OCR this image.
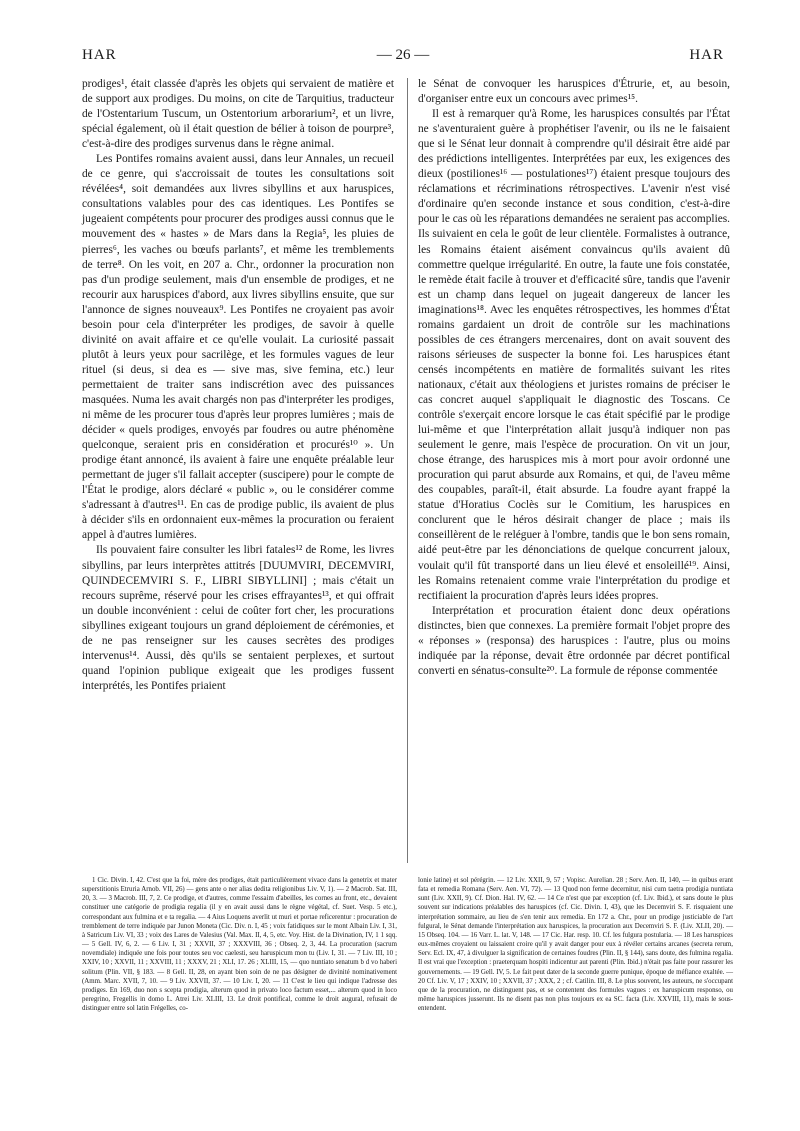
HAR	— 26 —	HAR

prodiges¹, était classée d'après les objets qui servaient de matière et de support aux prodiges. Du moins, on cite de Tarquitius, traducteur de l'Ostentarium Tuscum, un Ostentorium arborarium², et un livre, spécial également, où il était question de bélier à toison de pourpre³, c'est-à-dire des prodiges survenus dans le règne animal.

Les Pontifes romains avaient aussi, dans leur Annales, un recueil de ce genre, qui s'accroissait de toutes les consultations soit révélées⁴, soit demandées aux livres sibyllins et aux haruspices, consultations valables pour des cas identiques. Les Pontifes se jugeaient compétents pour procurer des prodiges aussi connus que le mouvement des « hastes » de Mars dans la Regia⁵, les pluies de pierres⁶, les vaches ou bœufs parlants⁷, et même les tremblements de terre⁸. On les voit, en 207 a. Chr., ordonner la procuration non pas d'un prodige seulement, mais d'un ensemble de prodiges, et ne recourir aux haruspices d'abord, aux livres sibyllins ensuite, que sur l'annonce de signes nouveaux⁹. Les Pontifes ne croyaient pas avoir besoin pour cela d'interpréter les prodiges, de savoir à quelle divinité on avait affaire et ce qu'elle voulait. La curiosité passait plutôt à leurs yeux pour sacrilège, et les formules vagues de leur rituel (si deus, si dea es — sive mas, sive femina, etc.) leur permettaient de traiter sans indiscrétion avec des puissances masquées. Numa les avait chargés non pas d'interpréter les prodiges, ni même de les procurer tous d'après leur propres lumières ; mais de décider « quels prodiges, envoyés par foudres ou autre phénomène quelconque, seraient pris en considération et procurés¹⁰ ». Un prodige étant annoncé, ils avaient à faire une enquête préalable leur permettant de juger s'il fallait accepter (suscipere) pour le compte de l'État le prodige, alors déclaré « public », ou le considérer comme s'adressant à d'autres¹¹. En cas de prodige public, ils avaient de plus à décider s'ils en ordonnaient eux-mêmes la procuration ou feraient appel à d'autres lumières.

Ils pouvaient faire consulter les libri fatales¹² de Rome, les livres sibyllins, par leurs interprètes attitrés [DUUMVIRI, DECEMVIRI, QUINDECEMVIRI S. F., LIBRI SIBYLLINI] ; mais c'était un recours suprême, réservé pour les crises effrayantes¹³, et qui offrait un double inconvénient : celui de coûter fort cher, les procurations sibyllines exigeant toujours un grand déploiement de cérémonies, et de ne pas renseigner sur les causes secrètes des prodiges intervenus¹⁴. Aussi, dès qu'ils se sentaient perplexes, et surtout quand l'opinion publique exigeait que les prodiges fussent interprétés, les Pontifes priaient

le Sénat de convoquer les haruspices d'Étrurie, et, au besoin, d'organiser entre eux un concours avec primes¹⁵.

Il est à remarquer qu'à Rome, les haruspices consultés par l'État ne s'aventuraient guère à prophétiser l'avenir, ou ils ne le faisaient que si le Sénat leur donnait à comprendre qu'il désirait être aidé par des prédictions intelligentes. Interprétées par eux, les exigences des dieux (postiliones¹⁶ — postulationes¹⁷) étaient presque toujours des réclamations et récriminations rétrospectives. L'avenir n'est visé d'ordinaire qu'en seconde instance et sous condition, c'est-à-dire pour le cas où les réparations demandées ne seraient pas accomplies. Ils suivaient en cela le goût de leur clientèle. Formalistes à outrance, les Romains étaient aisément convaincus qu'ils avaient dû commettre quelque irrégularité. En outre, la faute une fois constatée, le remède était facile à trouver et d'efficacité sûre, tandis que l'avenir est un champ dans lequel on jugeait dangereux de lancer les imaginations¹⁸. Avec les enquêtes rétrospectives, les hommes d'État romains gardaient un droit de contrôle sur les machinations possibles de ces étrangers mercenaires, dont on avait souvent des raisons sérieuses de suspecter la bonne foi. Les haruspices étant censés incompétents en matière de formalités suivant les rites nationaux, c'était aux théologiens et juristes romains de préciser le cas concret auquel s'appliquait le diagnostic des Toscans. Ce contrôle s'exerçait encore lorsque le cas était spécifié par le prodige lui-même et que l'interprétation allait jusqu'à indiquer non pas seulement le genre, mais l'espèce de procuration. On vit un jour, chose étrange, des haruspices mis à mort pour avoir ordonné une procuration qui parut absurde aux Romains, et qui, de l'aveu même des coupables, paraît-il, était absurde. La foudre ayant frappé la statue d'Horatius Coclès sur le Comitium, les haruspices en conclurent que le héros désirait changer de place ; mais ils conseillèrent de le reléguer à l'ombre, tandis que le bon sens romain, aidé peut-être par les dénonciations de quelque concurrent jaloux, voulait qu'il fût transporté dans un lieu élevé et ensoleillé¹⁹. Ainsi, les Romains retenaient comme vraie l'interprétation du prodige et rectifiaient la procuration d'après leurs idées propres.

Interprétation et procuration étaient donc deux opérations distinctes, bien que connexes. La première formait l'objet propre des « réponses » (responsa) des haruspices : l'autre, plus ou moins indiquée par la réponse, devait être ordonnée par décret pontifical converti en sénatus-consulte²⁰. La formule de réponse commentée

1 Cic. Divin. I, 42. C'est que la foi, mère des prodiges, était particulièrement vivace dans la genetrix et mater superstitionis Etruria Arnob. VII, 26) — gens ante o ner alias dedita religionibus Liv. V, 1). — 2 Macrob. Sat. III, 20, 3. — 3 Macrob. III, 7, 2. Ce prodige, et d'autres, comme l'essaim d'abeilles, les cornes au front, etc., devaient constituer une catégorie de prodigia regalia (il y en avait aussi dans le règne végétal, cf. Suet. Vesp. 5 etc.), correspondant aux fulmina et e ta regalia. — 4 Aius Loquens averlit ut muri et portae reficerentur : procuration de tremblement de terre indiquée par Junon Moneta (Cic. Div. n. I, 45 ; voix fatidiques sur le mont Albain Liv. I, 31, à Satricum Liv. VI, 33 ; voix des Lares de Valesius (Val. Max. II, 4, 5, etc. Voy. Hist. de la Divination, IV, 1 1 sqq. — 5 Gell. IV, 6, 2. — 6 Liv. I, 31 ; XXVII, 37 ; XXXVIII, 36 ; Obseq. 2, 3, 44. La procuration (sacrum novemdiale) indiquée une fois pour toutes seu voc caelesti, seu haruspicum mon tu (Liv. I, 31. — 7 Liv. III, 10 ; XXIV, 10 ; XXVII, 11 ; XXVIII, 11 ; XXXV, 21 ; XLI, 17. 26 ; XLIII, 15, — quo nuntiato senatum b d vo haberi solitum (Plin. VII, § 183. — 8 Gell. II, 28, en ayant bien soin de ne pas désigner de divinité nominativement (Amm. Marc. XVII, 7, 10. — 9 Liv. XXVII, 37. — 10 Liv. I, 20. — 11 C'est le lieu qui indique l'adresse des prodiges. En 169, duo non s scepta prodigia, alterum quod in privato loco factum esset,... alterum quod in loco peregrino, Fregellis in domo L. Atrei Liv. XLIII, 13. Le droit pontifical, comme le droit augural, refusait de distinguer entre sol latin Frégelles, co-

lonie latine) et sol pérégrin. — 12 Liv. XXII, 9, 57 ; Vopisc. Aurelian. 28 ; Serv. Aen. II, 140, — in quibus erant fata et remedia Romana (Serv. Aen. VI, 72). — 13 Quod non ferme decernitur, nisi cum taetra prodigia nuntiata sunt (Liv. XXII, 9). Cf. Dion. Hal. IV, 62. — 14 Ce n'est que par exception (cf. Liv. Ibid.), et sans doute le plus souvent sur indications préalables des haruspices (cf. Cic. Divin. I, 43), que les Decemviri S. F. risquaient une interprétation sommaire, au lieu de s'en tenir aux remedia. En 172 a. Chr., pour un prodige justiciable de l'art fulgural, le Sénat demande l'interprétation aux haruspices, la procuration aux Decemviri S. F. (Liv. XLII, 20). — 15 Obseq. 104. — 16 Varr. L. lat. V, 148. — 17 Cic. Har. resp. 10. Cf. les fulgura postularia. — 18 Les haruspices eux-mêmes croyaient ou laissaient croire qu'il y avait danger pour eux à révéler certains arcanes (secreta rerum, Serv. Ecl. IX, 47, à divulguer la signification de certaines foudres (Plin. II, § 144), sans doute, des fulmina regalia. Il est vrai que l'exception : praeterquam hospiti indicentur aut parenti (Plin. Ibid.) n'était pas faite pour rassurer les gouvernements. — 19 Gell. IV, 5. Le fait peut dater de la seconde guerre punique, époque de méfiance exaltée. — 20 Cf. Liv. V, 17 ; XXIV, 10 ; XXVII, 37 ; XXX, 2 ; cf. Catilin. III, 8. Le plus souvent, les auteurs, ne s'occupant que de la procuration, ne distinguent pas, et se contentent des formules vagues : ex haruspicum responso, ou même haruspices jusserunt. Ils ne disent pas non plus toujours ex ea SC. facta (Liv. XXVIII, 11), mais le sous-entendent.
